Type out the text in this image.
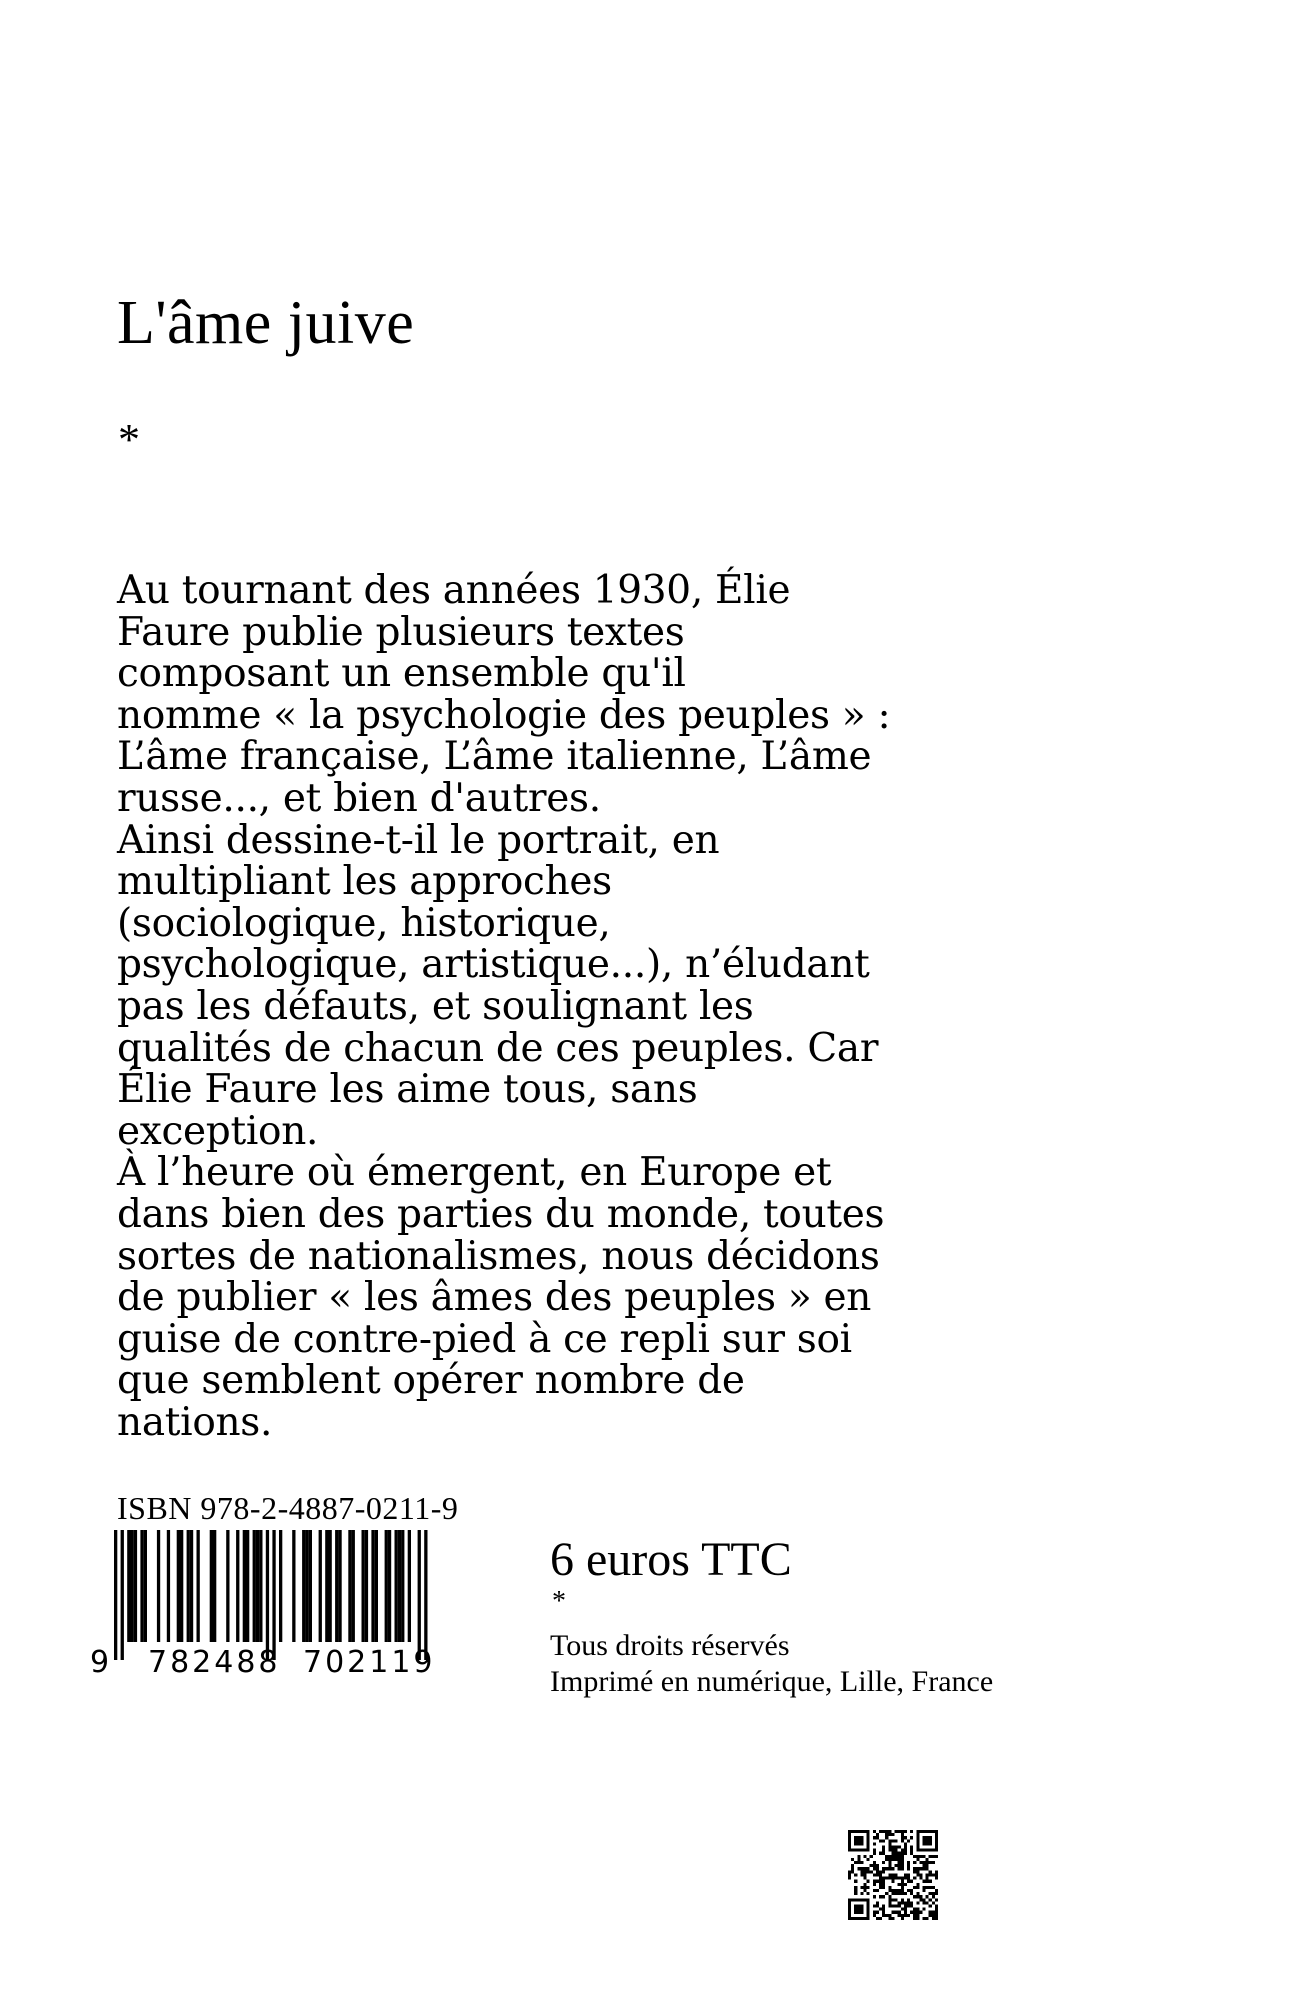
L'âme juive
*
Au tournant des années 1930, Élie
Faure publie plusieurs textes
composant un ensemble qu'il
nomme « la psychologie des peuples » :
L’âme française, L’âme italienne, L’âme
russe..., et bien d'autres.
Ainsi dessine-t-il le portrait, en
multipliant les approches
(sociologique, historique,
psychologique, artistique...), n’éludant
pas les défauts, et soulignant les
qualités de chacun de ces peuples. Car
Élie Faure les aime tous, sans
exception.
À l’heure où émergent, en Europe et
dans bien des parties du monde, toutes
sortes de nationalismes, nous décidons
de publier « les âmes des peuples » en
guise de contre-pied à ce repli sur soi
que semblent opérer nombre de
nations.
ISBN 978-2-4887-0211-9
9 782488 702119
6 euros TTC
*
Tous droits réservés
Imprimé en numérique, Lille, France
